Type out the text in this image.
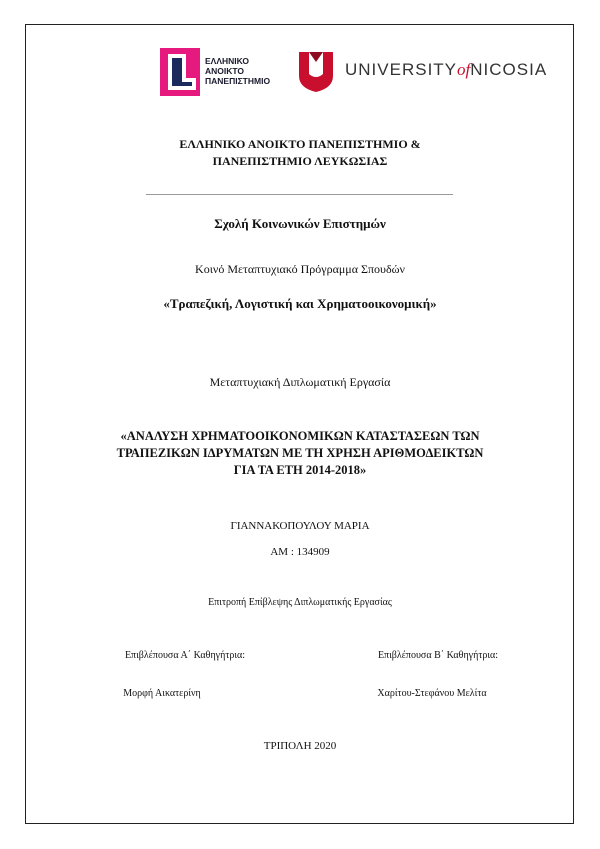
ΕΛΛΗΝΙΚΟ
ΑΝΟΙΚΤΟ
ΠΑΝΕΠΙΣΤΗΜΙΟ
UNIVERSITYofNICOSIA
ΕΛΛΗΝΙΚΟ ΑΝΟΙΚΤΟ ΠΑΝΕΠΙΣΤΗΜΙΟ &
ΠΑΝΕΠΙΣΤΗΜΙΟ ΛΕΥΚΩΣΙΑΣ
Σχολή Κοινωνικών Επιστημών
Κοινό Μεταπτυχιακό Πρόγραμμα Σπουδών
«Τραπεζική, Λογιστική και Χρηματοοικονομική»
Μεταπτυχιακή Διπλωματική Εργασία
«ΑΝΑΛΥΣΗ ΧΡΗΜΑΤΟΟΙΚΟΝΟΜΙΚΩΝ ΚΑΤΑΣΤΑΣΕΩΝ ΤΩΝ
ΤΡΑΠΕΖΙΚΩΝ ΙΔΡΥΜΑΤΩΝ ΜΕ ΤΗ ΧΡΗΣΗ ΑΡΙΘΜΟΔΕΙΚΤΩΝ
ΓΙΑ ΤΑ ΕΤΗ 2014-2018»
ΓΙΑΝΝΑΚΟΠΟΥΛΟΥ ΜΑΡΙΑ
ΑΜ : 134909
Επιτροπή Επίβλεψης Διπλωματικής Εργασίας
Επιβλέπουσα Α΄ Καθηγήτρια:	Επιβλέπουσα Β΄ Καθηγήτρια:
Μορφή Αικατερίνη	Χαρίτου-Στεφάνου Μελίτα
ΤΡΙΠΟΛΗ 2020
